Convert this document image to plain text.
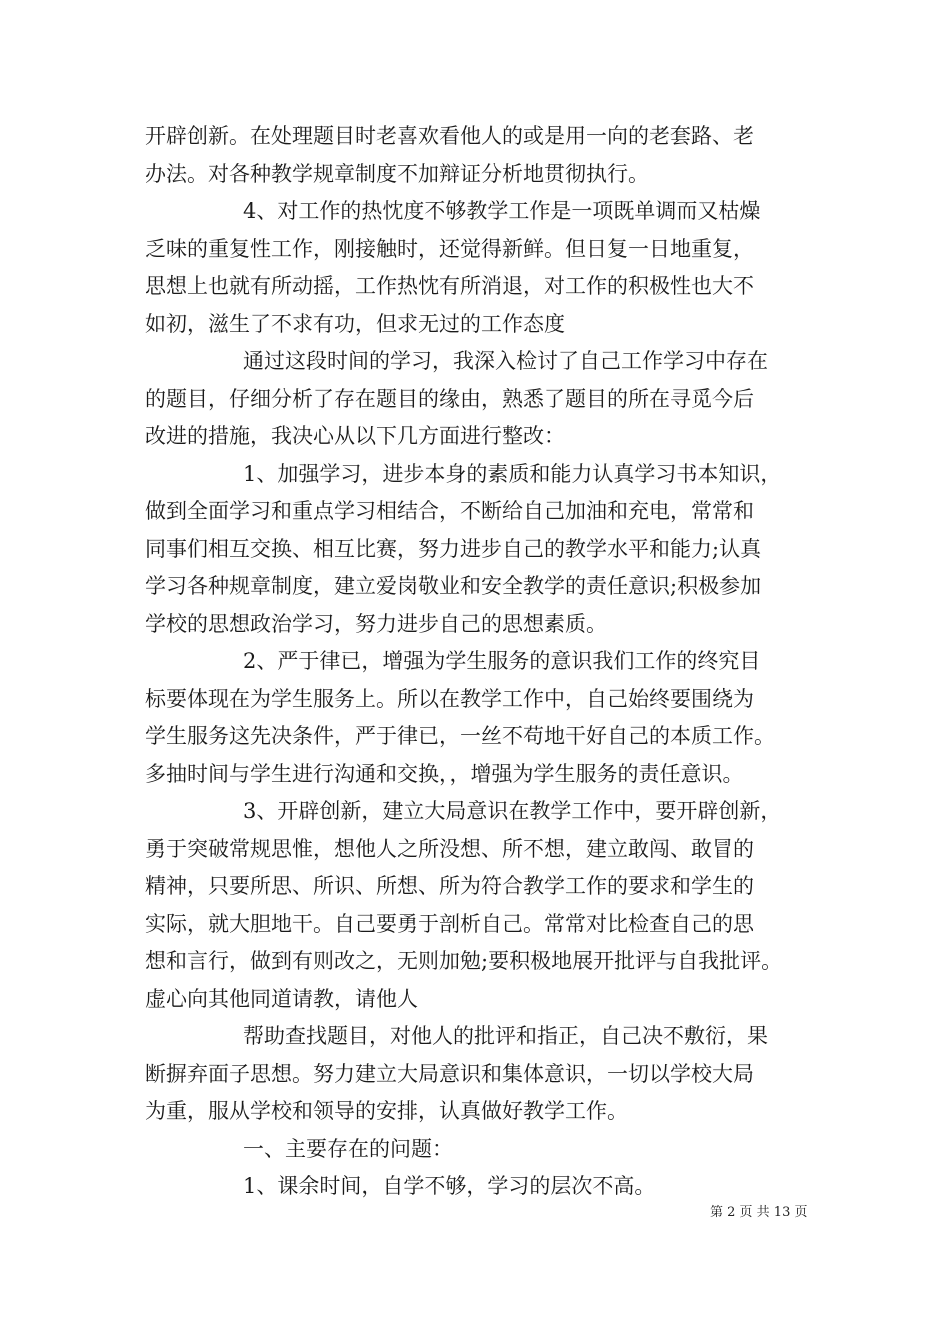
开辟创新。在处理题目时老喜欢看他人的或是用一向的老套路、老
办法。对各种教学规章制度不加辩证分析地贯彻执行。
4、对工作的热忱度不够教学工作是一项既单调而又枯燥
乏味的重复性工作，刚接触时，还觉得新鲜。但日复一日地重复，
思想上也就有所动摇，工作热忱有所消退，对工作的积极性也大不
如初，滋生了不求有功，但求无过的工作态度
通过这段时间的学习，我深入检讨了自己工作学习中存在
的题目，仔细分析了存在题目的缘由，熟悉了题目的所在寻觅今后
改进的措施，我决心从以下几方面进行整改：
1、加强学习，进步本身的素质和能力认真学习书本知识，
做到全面学习和重点学习相结合，不断给自己加油和充电，常常和
同事们相互交换、相互比赛，努力进步自己的教学水平和能力;认真
学习各种规章制度，建立爱岗敬业和安全教学的责任意识;积极参加
学校的思想政治学习，努力进步自己的思想素质。
2、严于律已，增强为学生服务的意识我们工作的终究目
标要体现在为学生服务上。所以在教学工作中，自己始终要围绕为
学生服务这先决条件，严于律已，一丝不苟地干好自己的本质工作。
多抽时间与学生进行沟通和交换，，增强为学生服务的责任意识。
3、开辟创新，建立大局意识在教学工作中，要开辟创新，
勇于突破常规思惟，想他人之所没想、所不想，建立敢闯、敢冒的
精神，只要所思、所识、所想、所为符合教学工作的要求和学生的
实际，就大胆地干。自己要勇于剖析自己。常常对比检查自己的思
想和言行，做到有则改之，无则加勉;要积极地展开批评与自我批评。
虚心向其他同道请教，请他人
帮助查找题目，对他人的批评和指正，自己决不敷衍，果
断摒弃面子思想。努力建立大局意识和集体意识，一切以学校大局
为重，服从学校和领导的安排，认真做好教学工作。
一、主要存在的问题：
1、课余时间，自学不够，学习的层次不高。
第 2 页 共 13 页
